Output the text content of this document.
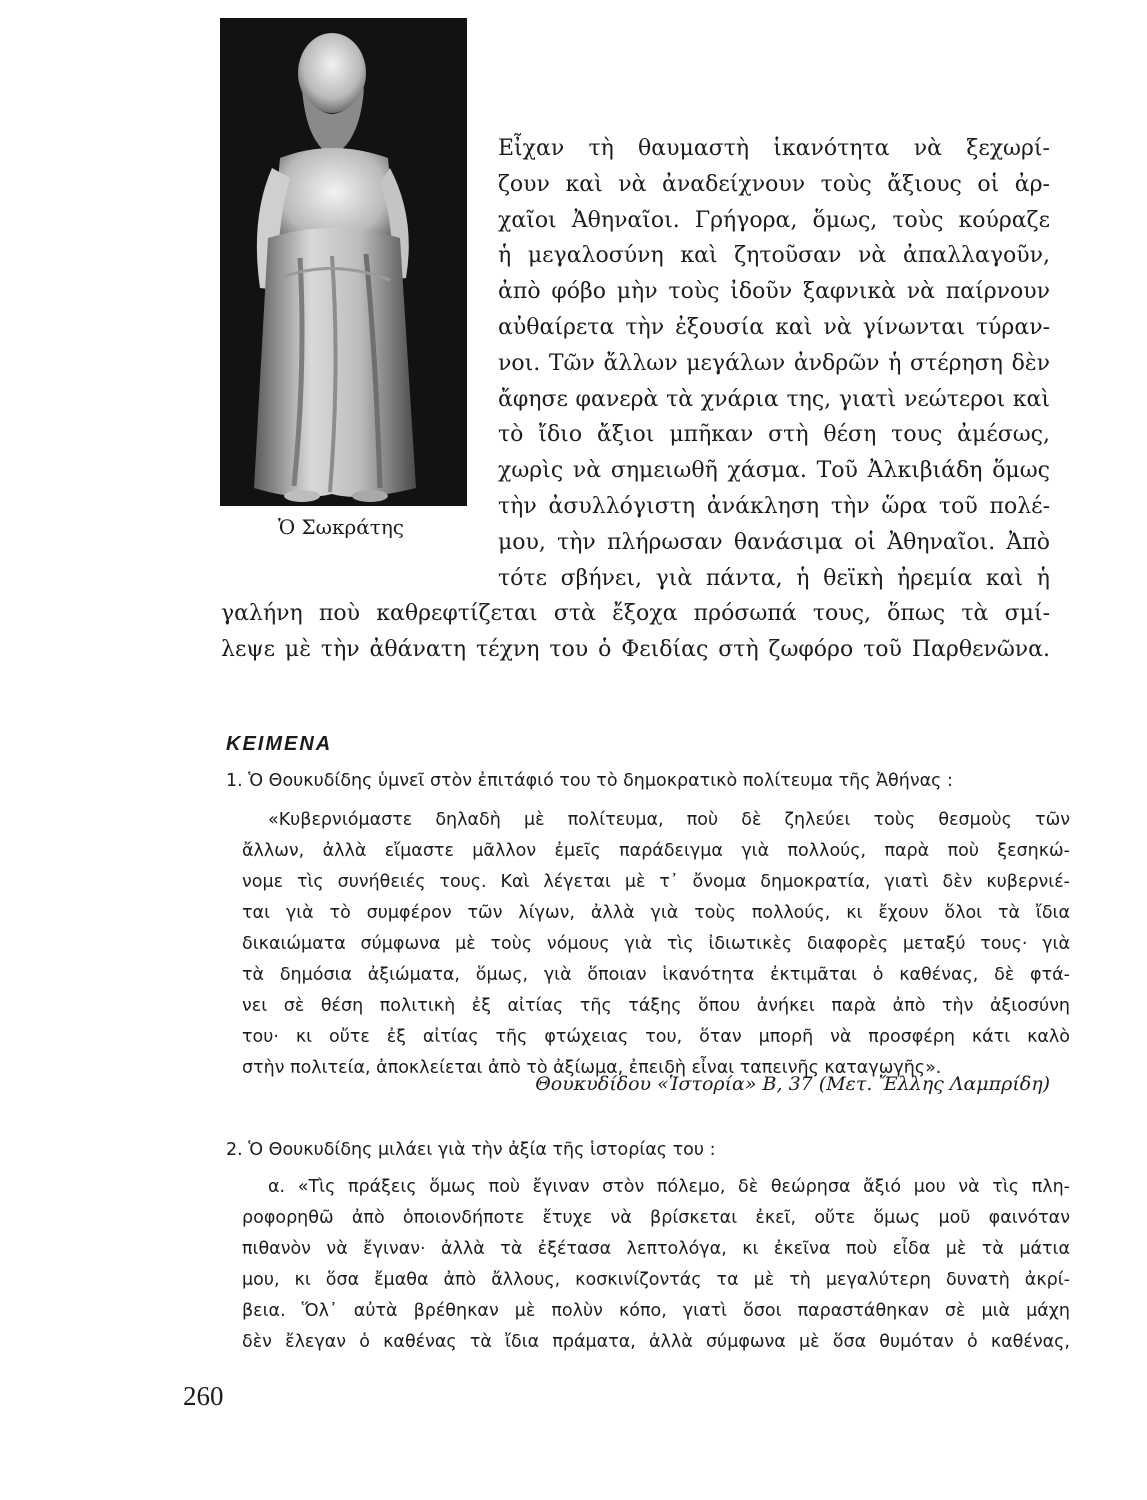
Ὁ Σωκράτης

Εἶχαν τὴ θαυμαστὴ ἱκανότητα νὰ ξεχωρί-
ζουν καὶ νὰ ἀναδείχνουν τοὺς ἄξιους οἱ ἀρ-
χαῖοι Ἀθηναῖοι. Γρήγορα, ὅμως, τοὺς κούραζε
ἡ μεγαλοσύνη καὶ ζητοῦσαν νὰ ἀπαλλαγοῦν,
ἀπὸ φόβο μὴν τοὺς ἰδοῦν ξαφνικὰ νὰ παίρνουν
αὐθαίρετα τὴν ἐξουσία καὶ νὰ γίνωνται τύραν-
νοι. Τῶν ἄλλων μεγάλων ἀνδρῶν ἡ στέρηση δὲν
ἄφησε φανερὰ τὰ χνάρια της, γιατὶ νεώτεροι καὶ
τὸ ἴδιο ἄξιοι μπῆκαν στὴ θέση τους ἀμέσως,
χωρὶς νὰ σημειωθῆ χάσμα. Τοῦ Ἀλκιβιάδη ὅμως
τὴν ἀσυλλόγιστη ἀνάκληση τὴν ὥρα τοῦ πολέ-
μου, τὴν πλήρωσαν θανάσιμα οἱ Ἀθηναῖοι. Ἀπὸ
τότε σβήνει, γιὰ πάντα, ἡ θεϊκὴ ἠρεμία καὶ ἡ
γαλήνη ποὺ καθρεφτίζεται στὰ ἔξοχα πρόσωπά τους, ὅπως τὰ σμί-
λεψε μὲ τὴν ἀθάνατη τέχνη του ὁ Φειδίας στὴ ζωφόρο τοῦ Παρθενῶνα.
ΚΕΙΜΕΝΑ

1. Ὁ Θουκυδίδης ὑμνεῖ στὸν ἐπιτάφιό του τὸ δημοκρατικὸ πολίτευμα τῆς Ἀθήνας :

«Κυβερνιόμαστε δηλαδὴ μὲ πολίτευμα, ποὺ δὲ ζηλεύει τοὺς θεσμοὺς τῶν
ἄλλων, ἀλλὰ εἴμαστε μᾶλλον ἐμεῖς παράδειγμα γιὰ πολλούς, παρὰ ποὺ ξεσηκώ-
νομε τὶς συνήθειές τους. Καὶ λέγεται μὲ τ᾽ ὄνομα δημοκρατία, γιατὶ δὲν κυβερνιέ-
ται γιὰ τὸ συμφέρον τῶν λίγων, ἀλλὰ γιὰ τοὺς πολλούς, κι ἔχουν ὅλοι τὰ ἴδια
δικαιώματα σύμφωνα μὲ τοὺς νόμους γιὰ τὶς ἰδιωτικὲς διαφορὲς μεταξύ τους· γιὰ
τὰ δημόσια ἀξιώματα, ὅμως, γιὰ ὅποιαν ἱκανότητα ἐκτιμᾶται ὁ καθένας, δὲ φτά-
νει σὲ θέση πολιτικὴ ἐξ αἰτίας τῆς τάξης ὅπου ἀνήκει παρὰ ἀπὸ τὴν ἀξιοσύνη
του· κι οὔτε ἐξ αἰτίας τῆς φτώχειας του, ὅταν μπορῆ νὰ προσφέρη κάτι καλὸ
στὴν πολιτεία, ἀποκλείεται ἀπὸ τὸ ἀξίωμα, ἐπειδὴ εἶναι ταπεινῆς καταγωγῆς».

Θουκυδίδου «Ἱστορία» Β, 37 (Μετ. Ἔλλης Λαμπρίδη)

2. Ὁ Θουκυδίδης μιλάει γιὰ τὴν ἀξία τῆς ἱστορίας του :

α. «Τὶς πράξεις ὅμως ποὺ ἔγιναν στὸν πόλεμο, δὲ θεώρησα ἄξιό μου νὰ τὶς πλη-
ροφορηθῶ ἀπὸ ὁποιονδήποτε ἔτυχε νὰ βρίσκεται ἐκεῖ, οὔτε ὅμως μοῦ φαινόταν
πιθανὸν νὰ ἔγιναν· ἀλλὰ τὰ ἐξέτασα λεπτολόγα, κι ἐκεῖνα ποὺ εἶδα μὲ τὰ μάτια
μου, κι ὅσα ἔμαθα ἀπὸ ἄλλους, κοσκινίζοντάς τα μὲ τὴ μεγαλύτερη δυνατὴ ἀκρί-
βεια. Ὅλ᾽ αὐτὰ βρέθηκαν μὲ πολὺν κόπο, γιατὶ ὅσοι παραστάθηκαν σὲ μιὰ μάχη
δὲν ἔλεγαν ὁ καθένας τὰ ἴδια πράματα, ἀλλὰ σύμφωνα μὲ ὅσα θυμόταν ὁ καθένας,

260
